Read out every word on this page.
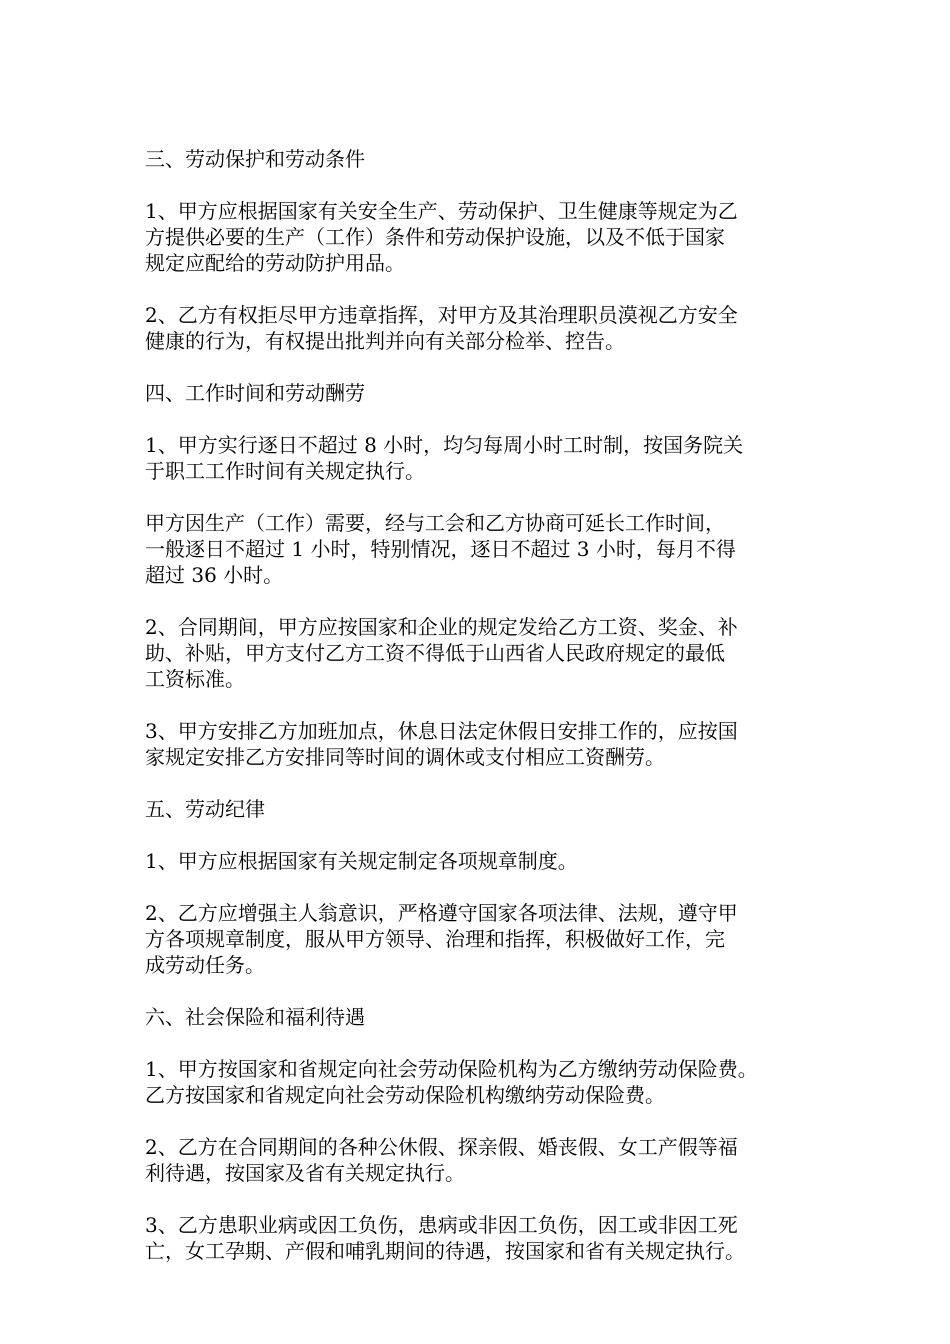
三、劳动保护和劳动条件
1、甲方应根据国家有关安全生产、劳动保护、卫生健康等规定为乙
方提供必要的生产（工作）条件和劳动保护设施，以及不低于国家
规定应配给的劳动防护用品。
2、乙方有权拒尽甲方违章指挥，对甲方及其治理职员漠视乙方安全
健康的行为，有权提出批判并向有关部分检举、控告。
四、工作时间和劳动酬劳
1、甲方实行逐日不超过 8 小时，均匀每周小时工时制，按国务院关
于职工工作时间有关规定执行。
甲方因生产（工作）需要，经与工会和乙方协商可延长工作时间，
一般逐日不超过 1 小时，特别情况，逐日不超过 3 小时，每月不得
超过 36 小时。
2、合同期间，甲方应按国家和企业的规定发给乙方工资、奖金、补
助、补贴，甲方支付乙方工资不得低于山西省人民政府规定的最低
工资标准。
3、甲方安排乙方加班加点，休息日法定休假日安排工作的，应按国
家规定安排乙方安排同等时间的调休或支付相应工资酬劳。
五、劳动纪律
1、甲方应根据国家有关规定制定各项规章制度。
2、乙方应增强主人翁意识，严格遵守国家各项法律、法规，遵守甲
方各项规章制度，服从甲方领导、治理和指挥，积极做好工作，完
成劳动任务。
六、社会保险和福利待遇
1、甲方按国家和省规定向社会劳动保险机构为乙方缴纳劳动保险费。
乙方按国家和省规定向社会劳动保险机构缴纳劳动保险费。
2、乙方在合同期间的各种公休假、探亲假、婚丧假、女工产假等福
利待遇，按国家及省有关规定执行。
3、乙方患职业病或因工负伤，患病或非因工负伤，因工或非因工死
亡，女工孕期、产假和哺乳期间的待遇，按国家和省有关规定执行。
